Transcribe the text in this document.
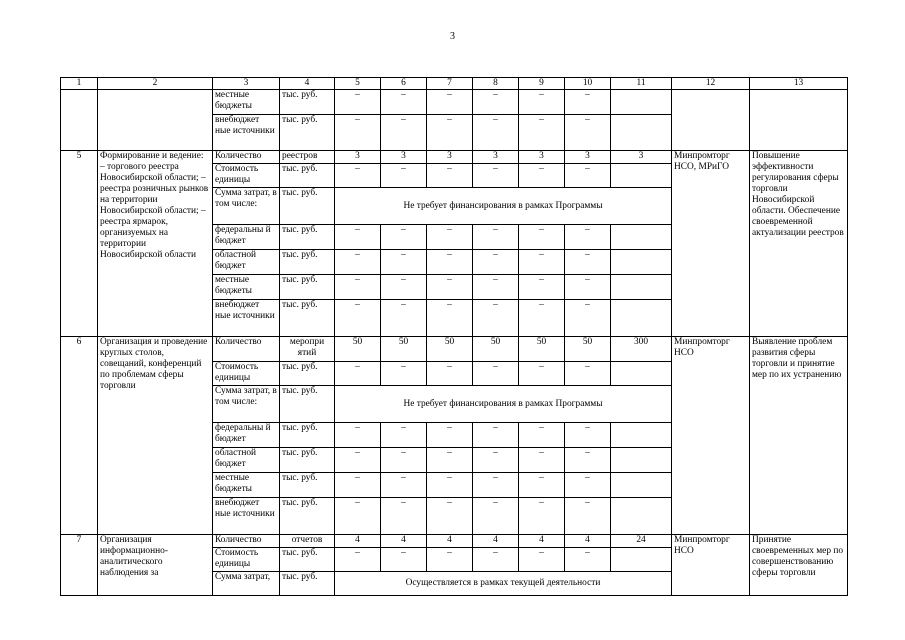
3
1	2	3	4	5	6	7	8	9	10	11	12	13
		местные бюджеты	тыс. руб.	–	–	–	–	–	–			
		внебюджет ные источники	тыс. руб.	–	–	–	–	–	–			
5	Формирование и ведение: – торгового реестра Новосибирской области; – реестра розничных рынков на территории Новосибирской области; – реестра ярмарок, организуемых на территории Новосибирской области	Количество	реестров	3	3	3	3	3	3	3	Минпромторг НСО, МРиГО	Повышение эффективности регулирования сферы торговли Новосибирской области. Обеспечение своевременной актуализации реестров
		Стоимость единицы	тыс. руб.	–	–	–	–	–	–			
		Сумма затрат, в том числе:	тыс. руб.	Не требует финансирования в рамках Программы								
		федеральны й бюджет	тыс. руб.	–	–	–	–	–	–			
		областной бюджет	тыс. руб.	–	–	–	–	–	–			
		местные бюджеты	тыс. руб.	–	–	–	–	–	–			
		внебюджет ные источники	тыс. руб.	–	–	–	–	–	–			
6	Организация и проведение круглых столов, совещаний, конференций по проблемам сферы торговли	Количество	меропри ятий	50	50	50	50	50	50	300	Минпромторг НСО	Выявление проблем развития сферы торговли и принятие мер по их устранению
		Стоимость единицы	тыс. руб.	–	–	–	–	–	–			
		Сумма затрат, в том числе:	тыс. руб.	Не требует финансирования в рамках Программы								
		федеральны й бюджет	тыс. руб.	–	–	–	–	–	–			
		областной бюджет	тыс. руб.	–	–	–	–	–	–			
		местные бюджеты	тыс. руб.	–	–	–	–	–	–			
		внебюджет ные источники	тыс. руб.	–	–	–	–	–	–			
7	Организация информационно-аналитического наблюдения за	Количество	отчетов	4	4	4	4	4	4	24	Минпромторг НСО	Принятие своевременных мер по совершенствованию сферы торговли
		Стоимость единицы	тыс. руб.	–	–	–	–	–	–			
		Сумма затрат,	тыс. руб.	Осуществляется в рамках текущей деятельности								
